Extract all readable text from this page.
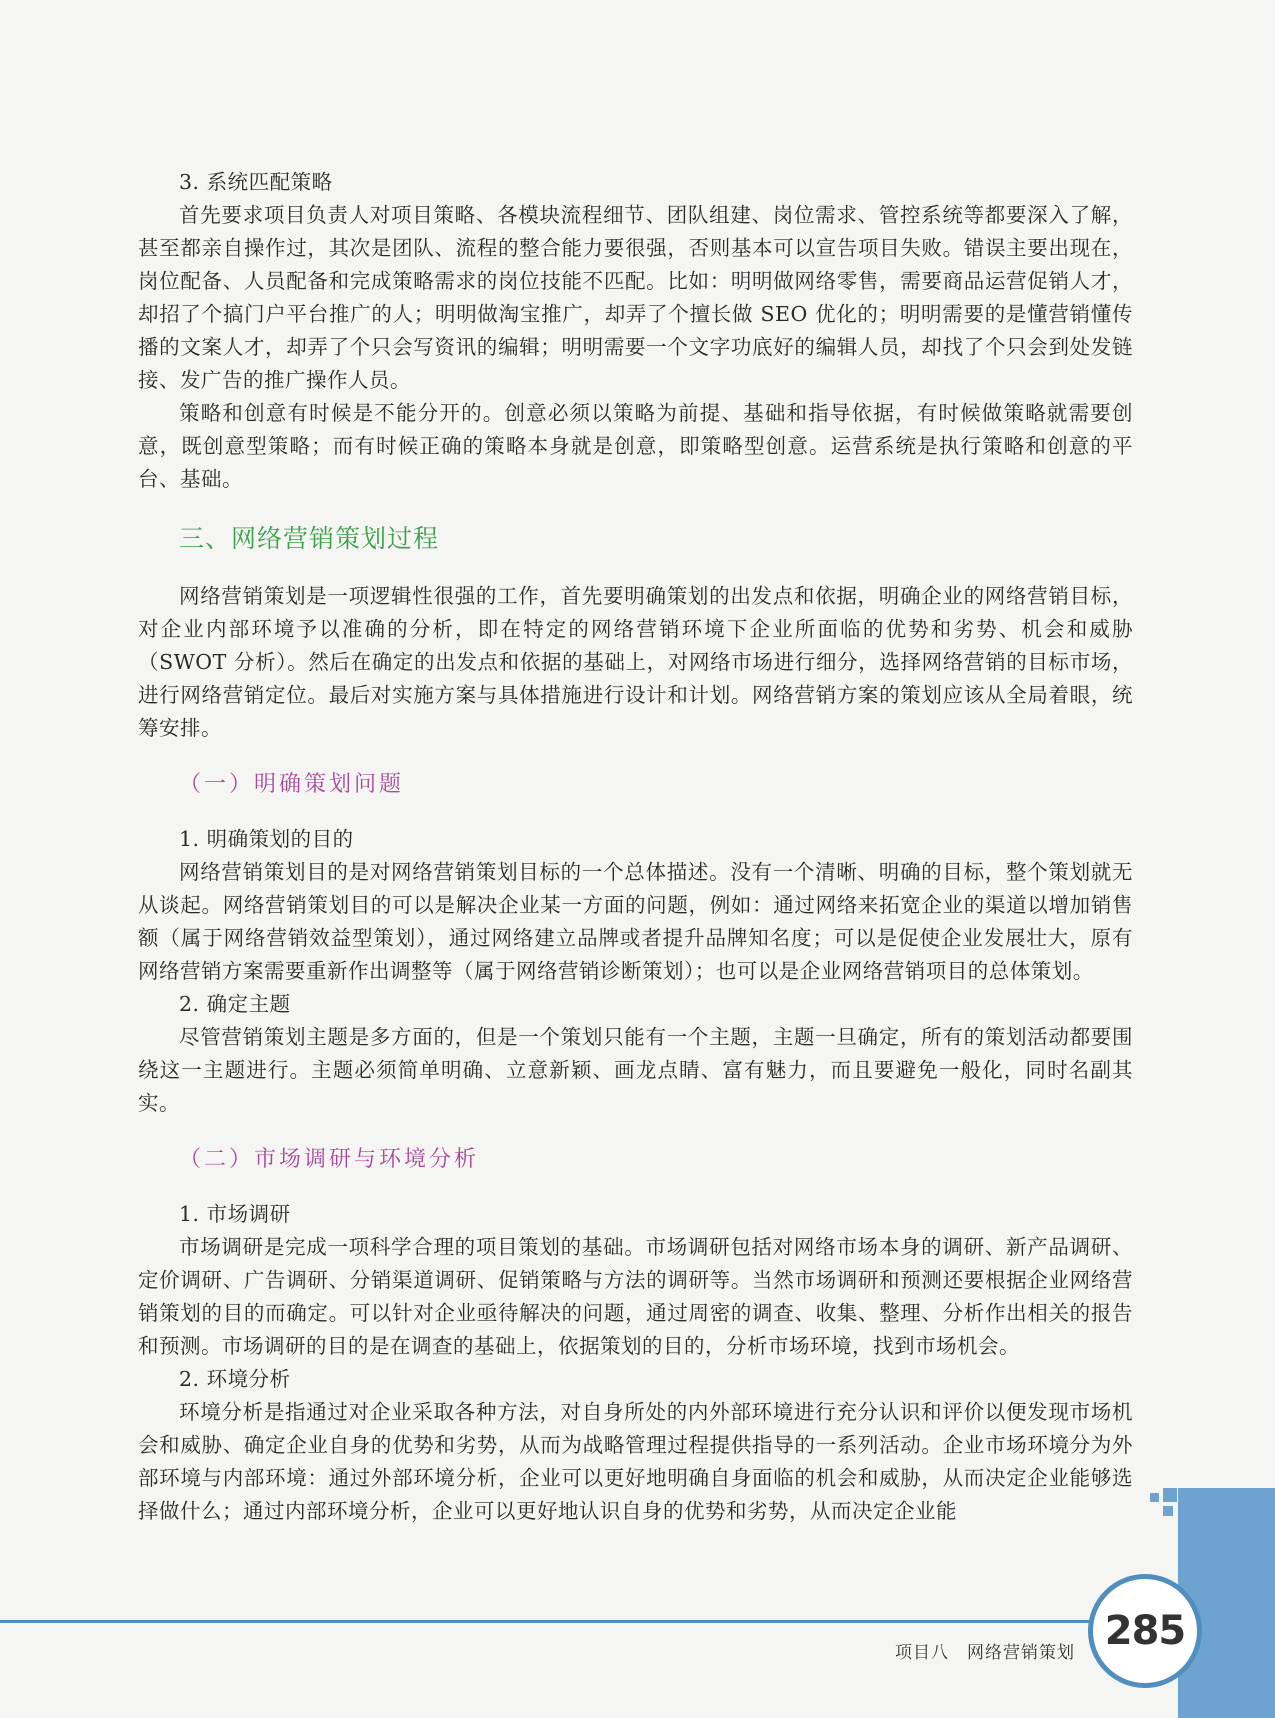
3. 系统匹配策略

首先要求项目负责人对项目策略、各模块流程细节、团队组建、岗位需求、管控系统等都要深入了解，甚至都亲自操作过，其次是团队、流程的整合能力要很强，否则基本可以宣告项目失败。错误主要出现在，岗位配备、人员配备和完成策略需求的岗位技能不匹配。比如：明明做网络零售，需要商品运营促销人才，却招了个搞门户平台推广的人；明明做淘宝推广，却弄了个擅长做 SEO 优化的；明明需要的是懂营销懂传播的文案人才，却弄了个只会写资讯的编辑；明明需要一个文字功底好的编辑人员，却找了个只会到处发链接、发广告的推广操作人员。

策略和创意有时候是不能分开的。创意必须以策略为前提、基础和指导依据，有时候做策略就需要创意，既创意型策略；而有时候正确的策略本身就是创意，即策略型创意。运营系统是执行策略和创意的平台、基础。

三、网络营销策划过程

网络营销策划是一项逻辑性很强的工作，首先要明确策划的出发点和依据，明确企业的网络营销目标，对企业内部环境予以准确的分析，即在特定的网络营销环境下企业所面临的优势和劣势、机会和威胁（SWOT 分析）。然后在确定的出发点和依据的基础上，对网络市场进行细分，选择网络营销的目标市场，进行网络营销定位。最后对实施方案与具体措施进行设计和计划。网络营销方案的策划应该从全局着眼，统筹安排。

（一）明确策划问题

1. 明确策划的目的

网络营销策划目的是对网络营销策划目标的一个总体描述。没有一个清晰、明确的目标，整个策划就无从谈起。网络营销策划目的可以是解决企业某一方面的问题，例如：通过网络来拓宽企业的渠道以增加销售额（属于网络营销效益型策划），通过网络建立品牌或者提升品牌知名度；可以是促使企业发展壮大，原有网络营销方案需要重新作出调整等（属于网络营销诊断策划）；也可以是企业网络营销项目的总体策划。

2. 确定主题

尽管营销策划主题是多方面的，但是一个策划只能有一个主题，主题一旦确定，所有的策划活动都要围绕这一主题进行。主题必须简单明确、立意新颖、画龙点睛、富有魅力，而且要避免一般化，同时名副其实。

（二）市场调研与环境分析

1. 市场调研

市场调研是完成一项科学合理的项目策划的基础。市场调研包括对网络市场本身的调研、新产品调研、定价调研、广告调研、分销渠道调研、促销策略与方法的调研等。当然市场调研和预测还要根据企业网络营销策划的目的而确定。可以针对企业亟待解决的问题，通过周密的调查、收集、整理、分析作出相关的报告和预测。市场调研的目的是在调查的基础上，依据策划的目的，分析市场环境，找到市场机会。

2. 环境分析

环境分析是指通过对企业采取各种方法，对自身所处的内外部环境进行充分认识和评价以便发现市场机会和威胁、确定企业自身的优势和劣势，从而为战略管理过程提供指导的一系列活动。企业市场环境分为外部环境与内部环境：通过外部环境分析，企业可以更好地明确自身面临的机会和威胁，从而决定企业能够选择做什么；通过内部环境分析，企业可以更好地认识自身的优势和劣势，从而决定企业能

项目八　网络营销策划 285
